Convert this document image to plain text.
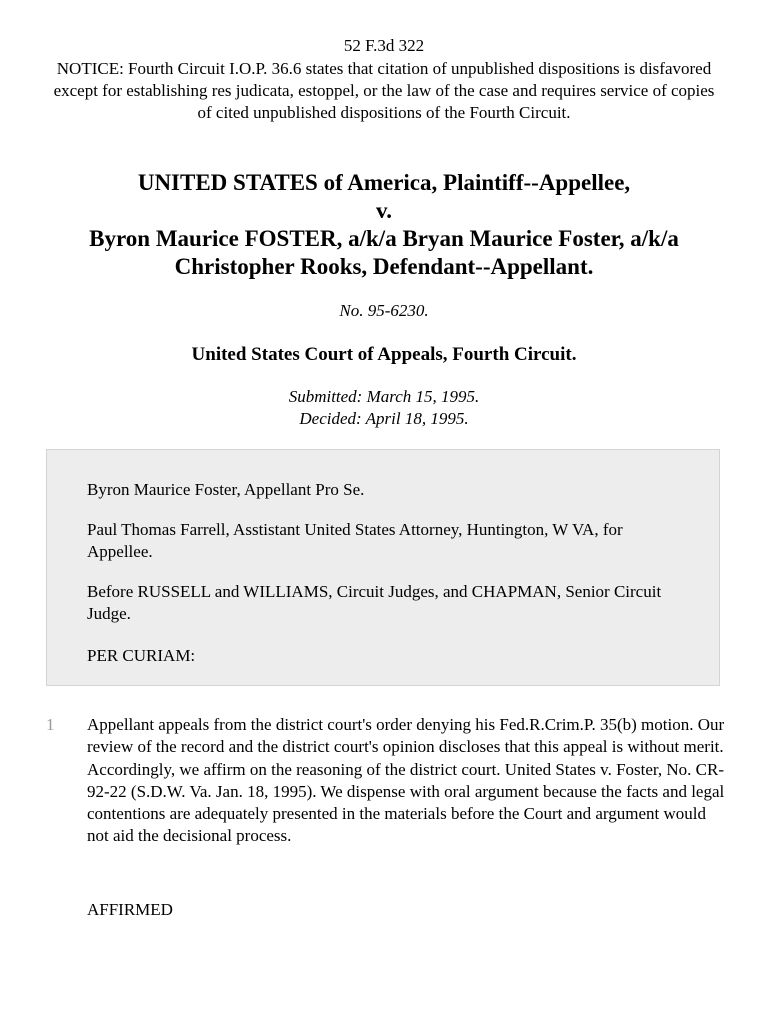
52 F.3d 322
NOTICE: Fourth Circuit I.O.P. 36.6 states that citation of unpublished dispositions is disfavored except for establishing res judicata, estoppel, or the law of the case and requires service of copies of cited unpublished dispositions of the Fourth Circuit.
UNITED STATES of America, Plaintiff--Appellee,
v.
Byron Maurice FOSTER, a/k/a Bryan Maurice Foster, a/k/a Christopher Rooks, Defendant--Appellant.
No. 95-6230.
United States Court of Appeals, Fourth Circuit.
Submitted: March 15, 1995.
Decided: April 18, 1995.

Byron Maurice Foster, Appellant Pro Se.

Paul Thomas Farrell, Asstistant United States Attorney, Huntington, W VA, for Appellee.

Before RUSSELL and WILLIAMS, Circuit Judges, and CHAPMAN, Senior Circuit Judge.

PER CURIAM:

1 Appellant appeals from the district court's order denying his Fed.R.Crim.P. 35(b) motion. Our review of the record and the district court's opinion discloses that this appeal is without merit. Accordingly, we affirm on the reasoning of the district court. United States v. Foster, No. CR-92-22 (S.D.W. Va. Jan. 18, 1995). We dispense with oral argument because the facts and legal contentions are adequately presented in the materials before the Court and argument would not aid the decisional process.

AFFIRMED
